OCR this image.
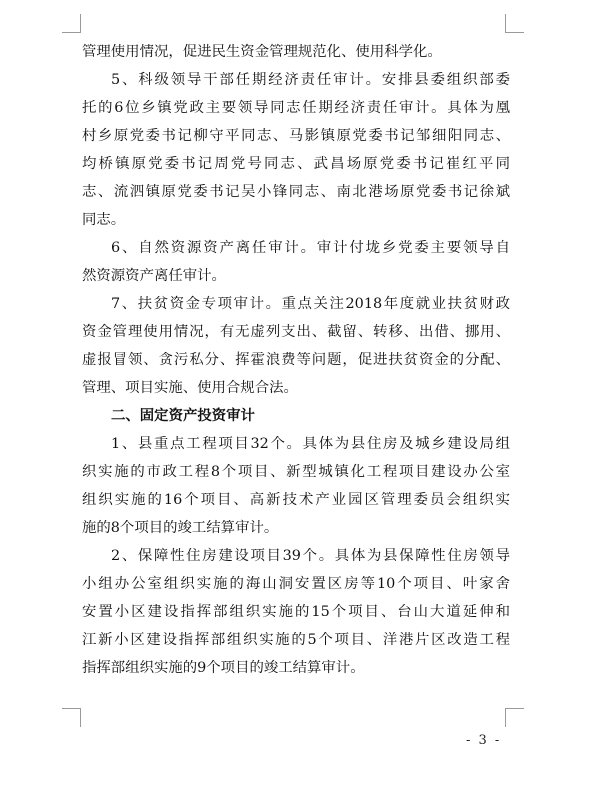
管理使用情况，促进民生资金管理规范化、使用科学化。
5、科级领导干部任期经济责任审计。安排县委组织部委
托的6位乡镇党政主要领导同志任期经济责任审计。具体为凰
村乡原党委书记柳守平同志、马影镇原党委书记邹细阳同志、
均桥镇原党委书记周党号同志、武昌场原党委书记崔红平同
志、流泗镇原党委书记吴小锋同志、南北港场原党委书记徐斌
同志。
6、自然资源资产离任审计。审计付垅乡党委主要领导自
然资源资产离任审计。
7、扶贫资金专项审计。重点关注2018年度就业扶贫财政
资金管理使用情况，有无虚列支出、截留、转移、出借、挪用、
虚报冒领、贪污私分、挥霍浪费等问题，促进扶贫资金的分配、
管理、项目实施、使用合规合法。
二、固定资产投资审计
1、县重点工程项目32个。具体为县住房及城乡建设局组
织实施的市政工程8个项目、新型城镇化工程项目建设办公室
组织实施的16个项目、高新技术产业园区管理委员会组织实
施的8个项目的竣工结算审计。
2、保障性住房建设项目39个。具体为县保障性住房领导
小组办公室组织实施的海山洞安置区房等10个项目、叶家舍
安置小区建设指挥部组织实施的15个项目、台山大道延伸和
江新小区建设指挥部组织实施的5个项目、洋港片区改造工程
指挥部组织实施的9个项目的竣工结算审计。
- 3 -
